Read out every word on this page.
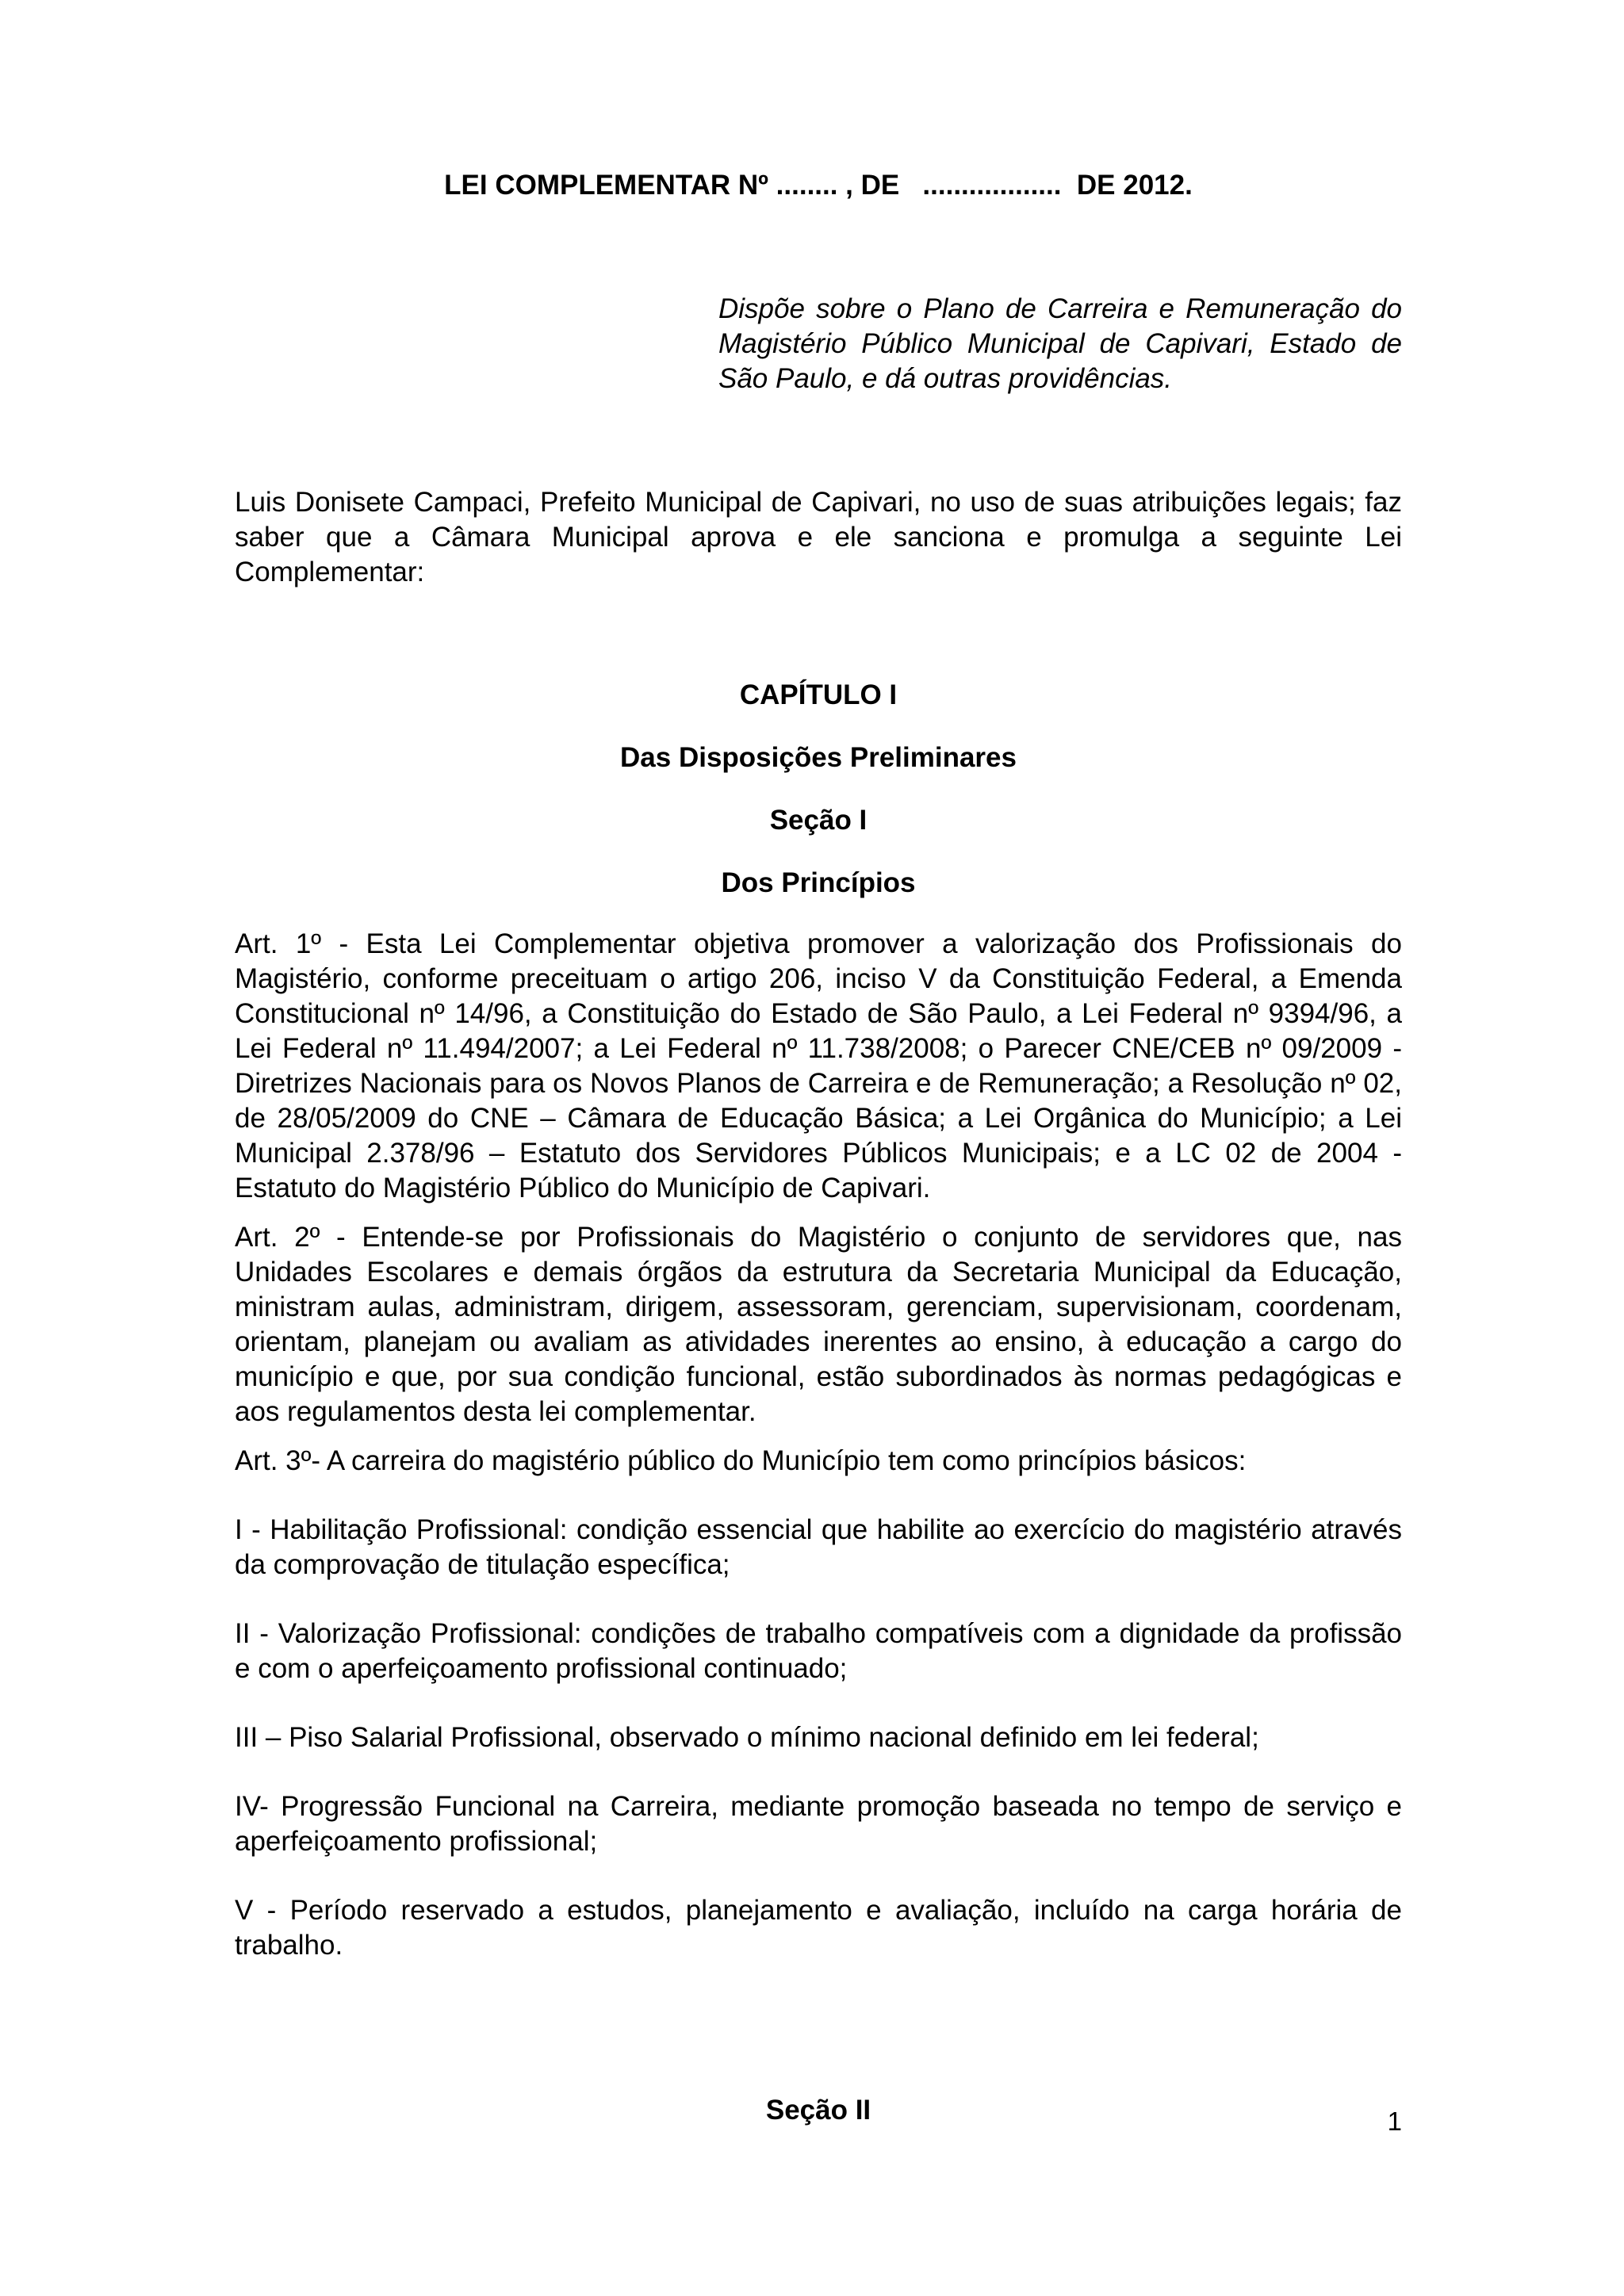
LEI COMPLEMENTAR Nº ........ , DE   ..................  DE 2012.
Dispõe sobre o Plano de Carreira e Remuneração do Magistério Público Municipal de Capivari, Estado de São Paulo, e dá outras providências.
Luis Donisete Campaci, Prefeito Municipal de Capivari, no uso de suas atribuições legais; faz saber que a Câmara Municipal aprova e ele sanciona e promulga a seguinte Lei Complementar:
CAPÍTULO I
Das Disposições Preliminares
Seção I
Dos Princípios

Art. 1º - Esta Lei Complementar objetiva promover a valorização dos Profissionais do Magistério, conforme preceituam o artigo 206, inciso V da Constituição Federal, a Emenda Constitucional nº 14/96, a Constituição do Estado de São Paulo, a Lei Federal nº 9394/96, a Lei Federal nº 11.494/2007; a Lei Federal nº 11.738/2008; o Parecer CNE/CEB nº 09/2009 - Diretrizes Nacionais para os Novos Planos de Carreira e de Remuneração; a Resolução nº 02, de 28/05/2009 do CNE – Câmara de Educação Básica; a Lei Orgânica do Município; a Lei Municipal 2.378/96 – Estatuto dos Servidores Públicos Municipais; e a LC 02 de 2004 - Estatuto do Magistério Público do Município de Capivari.

Art. 2º - Entende-se por Profissionais do Magistério o conjunto de servidores que, nas Unidades Escolares e demais órgãos da estrutura da Secretaria Municipal da Educação, ministram aulas, administram, dirigem, assessoram, gerenciam, supervisionam, coordenam, orientam, planejam ou avaliam as atividades inerentes ao ensino, à educação a cargo do município e que, por sua condição funcional, estão subordinados às normas pedagógicas e aos regulamentos desta lei complementar.

Art. 3º- A carreira do magistério público do Município tem como princípios básicos:

I - Habilitação Profissional: condição essencial que habilite ao exercício do magistério através da comprovação de titulação específica;

II - Valorização Profissional: condições de trabalho compatíveis com a dignidade da profissão e com o aperfeiçoamento profissional continuado;

III – Piso Salarial Profissional, observado o mínimo nacional definido em lei federal;

IV- Progressão Funcional na Carreira, mediante promoção baseada no tempo de serviço e aperfeiçoamento profissional;

V - Período reservado a estudos, planejamento e avaliação, incluído na carga horária de trabalho.

Seção II	1
